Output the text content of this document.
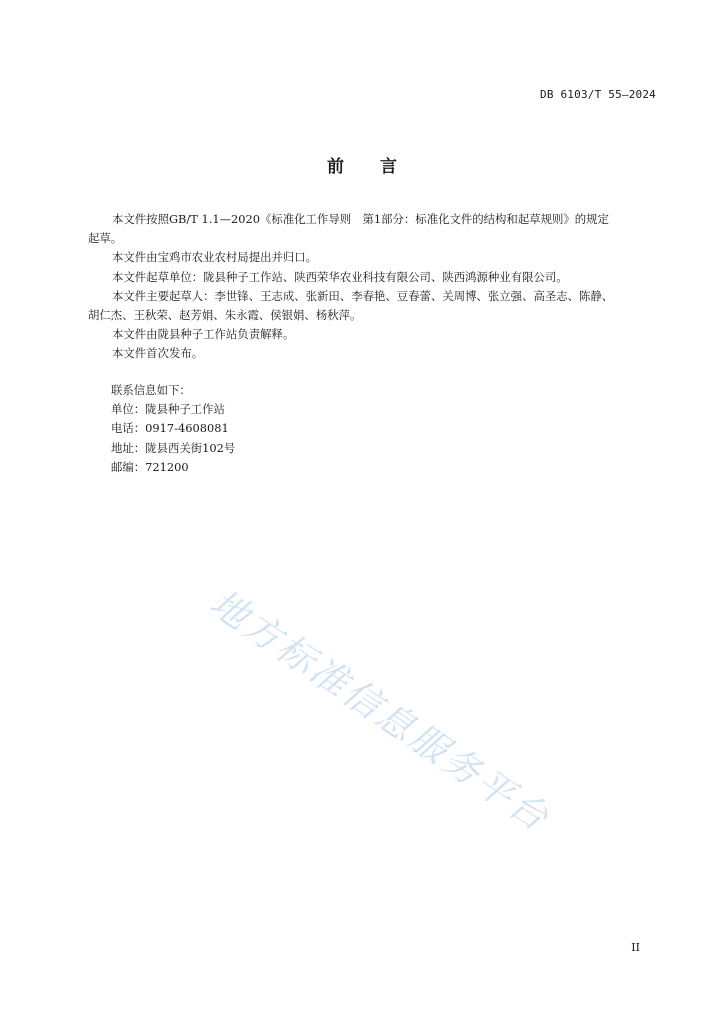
DB 6103/T 55—2024
前 言

本文件按照GB/T 1.1—2020《标准化工作导则　第1部分：标准化文件的结构和起草规则》的规定

起草。

本文件由宝鸡市农业农村局提出并归口。

本文件起草单位：陇县种子工作站、陕西荣华农业科技有限公司、陕西鸿源种业有限公司。

本文件主要起草人：李世锋、王志成、张新田、李春艳、豆春蕾、关周博、张立强、高圣志、陈静、

胡仁杰、王秋荣、赵芳娟、朱永霞、侯银娟、杨秋萍。

本文件由陇县种子工作站负责解释。

本文件首次发布。

联系信息如下：

单位：陇县种子工作站

电话：0917-4608081

地址：陇县西关街102号

邮编：721200

地方标准信息服务平台
II
